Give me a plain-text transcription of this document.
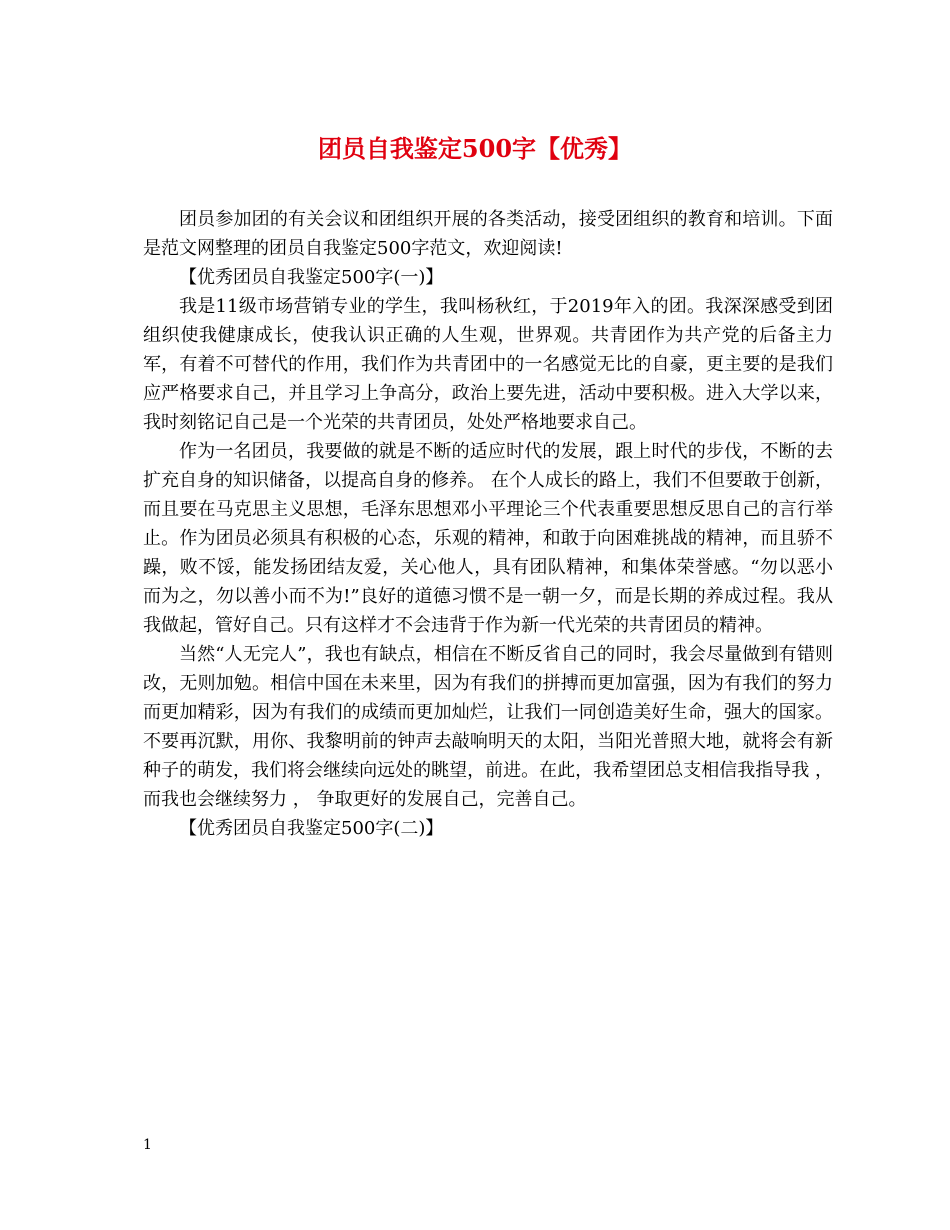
团员自我鉴定500字【优秀】

团员参加团的有关会议和团组织开展的各类活动，接受团组织的教育和培训。下面是范文网整理的团员自我鉴定500字范文，欢迎阅读!

【优秀团员自我鉴定500字(一)】

我是11级市场营销专业的学生，我叫杨秋红，于2019年入的团。我深深感受到团组织使我健康成长，使我认识正确的人生观，世界观。共青团作为共产党的后备主力军，有着不可替代的作用，我们作为共青团中的一名感觉无比的自豪，更主要的是我们应严格要求自己，并且学习上争高分，政治上要先进，活动中要积极。进入大学以来，我时刻铭记自己是一个光荣的共青团员，处处严格地要求自己。

作为一名团员，我要做的就是不断的适应时代的发展，跟上时代的步伐，不断的去扩充自身的知识储备，以提高自身的修养。 在个人成长的路上，我们不但要敢于创新，而且要在马克思主义思想，毛泽东思想邓小平理论三个代表重要思想反思自己的言行举止。作为团员必须具有积极的心态，乐观的精神，和敢于向困难挑战的精神，而且骄不躁，败不馁，能发扬团结友爱，关心他人，具有团队精神，和集体荣誉感。“勿以恶小而为之，勿以善小而不为!”良好的道德习惯不是一朝一夕，而是长期的养成过程。我从我做起，管好自己。只有这样才不会违背于作为新一代光荣的共青团员的精神。

当然“人无完人”，我也有缺点，相信在不断反省自己的同时，我会尽量做到有错则改，无则加勉。相信中国在未来里，因为有我们的拼搏而更加富强，因为有我们的努力而更加精彩，因为有我们的成绩而更加灿烂，让我们一同创造美好生命，强大的国家。不要再沉默，用你、我黎明前的钟声去敲响明天的太阳，当阳光普照大地，就将会有新种子的萌发，我们将会继续向远处的眺望，前进。在此，我希望团总支相信我指导我 ， 而我也会继续努力 ， 争取更好的发展自己，完善自己。

【优秀团员自我鉴定500字(二)】

1
